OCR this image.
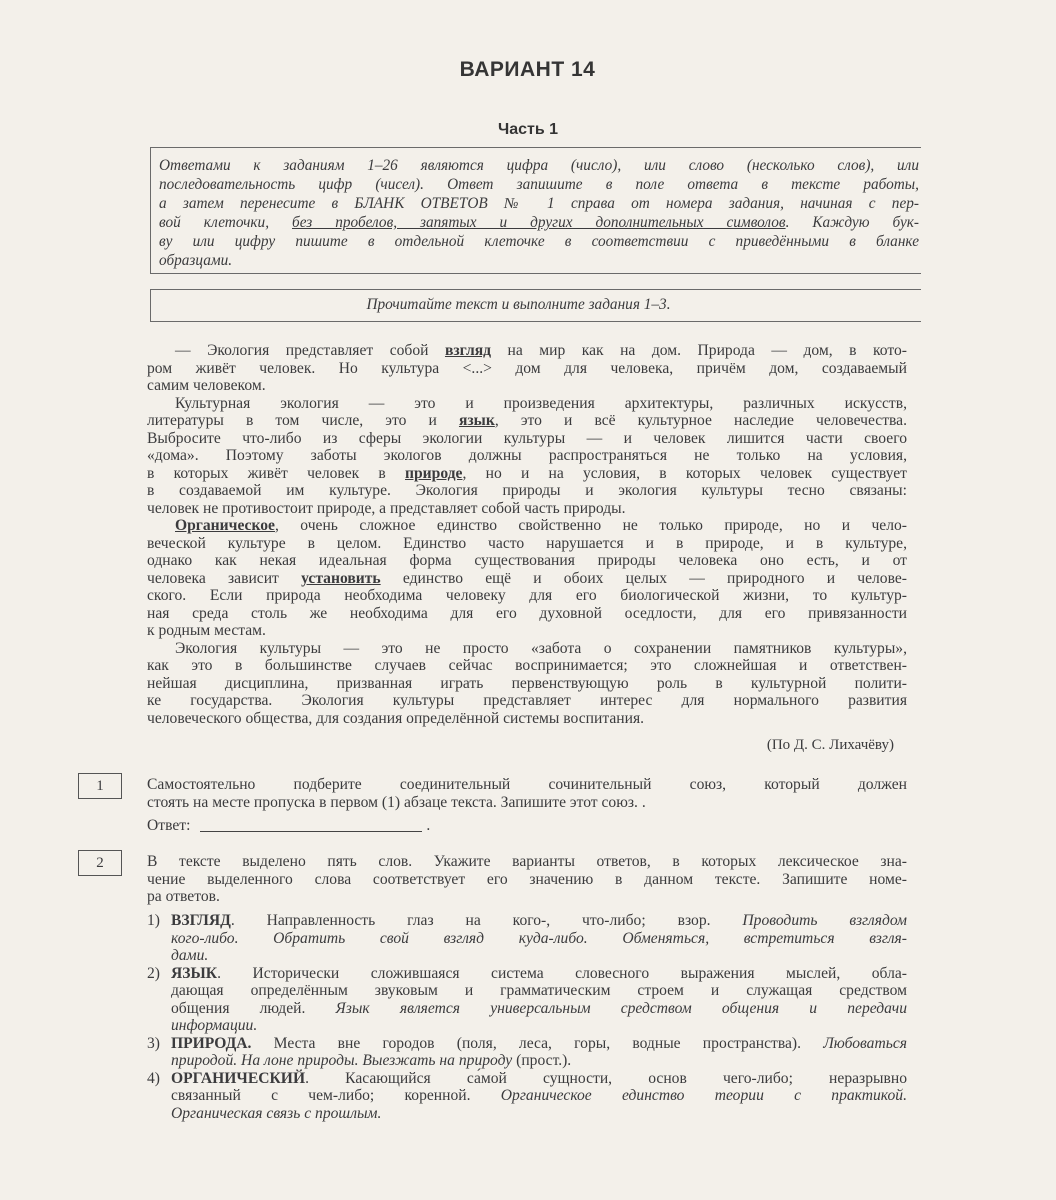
ВАРИАНТ 14
Часть 1
Ответами к заданиям 1–26 являются цифра (число), или слово (несколько слов), или
последовательность цифр (чисел). Ответ запишите в поле ответа в тексте работы,
а затем перенесите в БЛАНК ОТВЕТОВ № 1 справа от номера задания, начиная с пер-
вой клеточки, без пробелов, запятых и других дополнительных символов. Каждую бук-
ву или цифру пишите в отдельной клеточке в соответствии с приведёнными в бланке
образцами.
Прочитайте текст и выполните задания 1–3.
— Экология представляет собой взгляд на мир как на дом. Природа — дом, в кото-
ром живёт человек. Но культура <...> дом для человека, причём дом, создаваемый
самим человеком.
Культурная экология — это и произведения архитектуры, различных искусств,
литературы в том числе, это и язык, это и всё культурное наследие человечества.
Выбросите что-либо из сферы экологии культуры — и человек лишится части своего
«дома». Поэтому заботы экологов должны распространяться не только на условия,
в которых живёт человек в природе, но и на условия, в которых человек существует
в создаваемой им культуре. Экология природы и экология культуры тесно связаны:
человек не противостоит природе, а представляет собой часть природы.
Органическое, очень сложное единство свойственно не только природе, но и чело-
веческой культуре в целом. Единство часто нарушается и в природе, и в культуре,
однако как некая идеальная форма существования природы человека оно есть, и от
человека зависит установить единство ещё и обоих целых — природного и челове-
ского. Если природа необходима человеку для его биологической жизни, то культур-
ная среда столь же необходима для его духовной оседлости, для его привязанности
к родным местам.
Экология культуры — это не просто «забота о сохранении памятников культуры»,
как это в большинстве случаев сейчас воспринимается; это сложнейшая и ответствен-
нейшая дисциплина, призванная играть первенствующую роль в культурной полити-
ке государства. Экология культуры представляет интерес для нормального развития
человеческого общества, для создания определённой системы воспитания.
(По Д. С. Лихачёву)
1	Самостоятельно подберите соединительный сочинительный союз, который должен
стоять на месте пропуска в первом (1) абзаце текста. Запишите этот союз. .
Ответ:	.
2	В тексте выделено пять слов. Укажите варианты ответов, в которых лексическое зна-
чение выделенного слова соответствует его значению в данном тексте. Запишите номе-
ра ответов.
1) ВЗГЛЯД. Направленность глаз на кого-, что-либо; взор. Проводить взглядом
кого-либо. Обратить свой взгляд куда-либо. Обменяться, встретиться взгля-
дами.
2) ЯЗЫК. Исторически сложившаяся система словесного выражения мыслей, обла-
дающая определённым звуковым и грамматическим строем и служащая средством
общения людей. Язык является универсальным средством общения и передачи
информации.
3) ПРИРОДА. Места вне городов (поля, леса, горы, водные пространства). Любоваться
природой. На лоне природы. Выезжать на природу (прост.).
4) ОРГАНИЧЕСКИЙ. Касающийся са́мой сущности, основ чего-либо; неразрывно
связанный с чем-либо; коренной. Органическое единство теории с практикой.
Органическая связь с прошлым.
